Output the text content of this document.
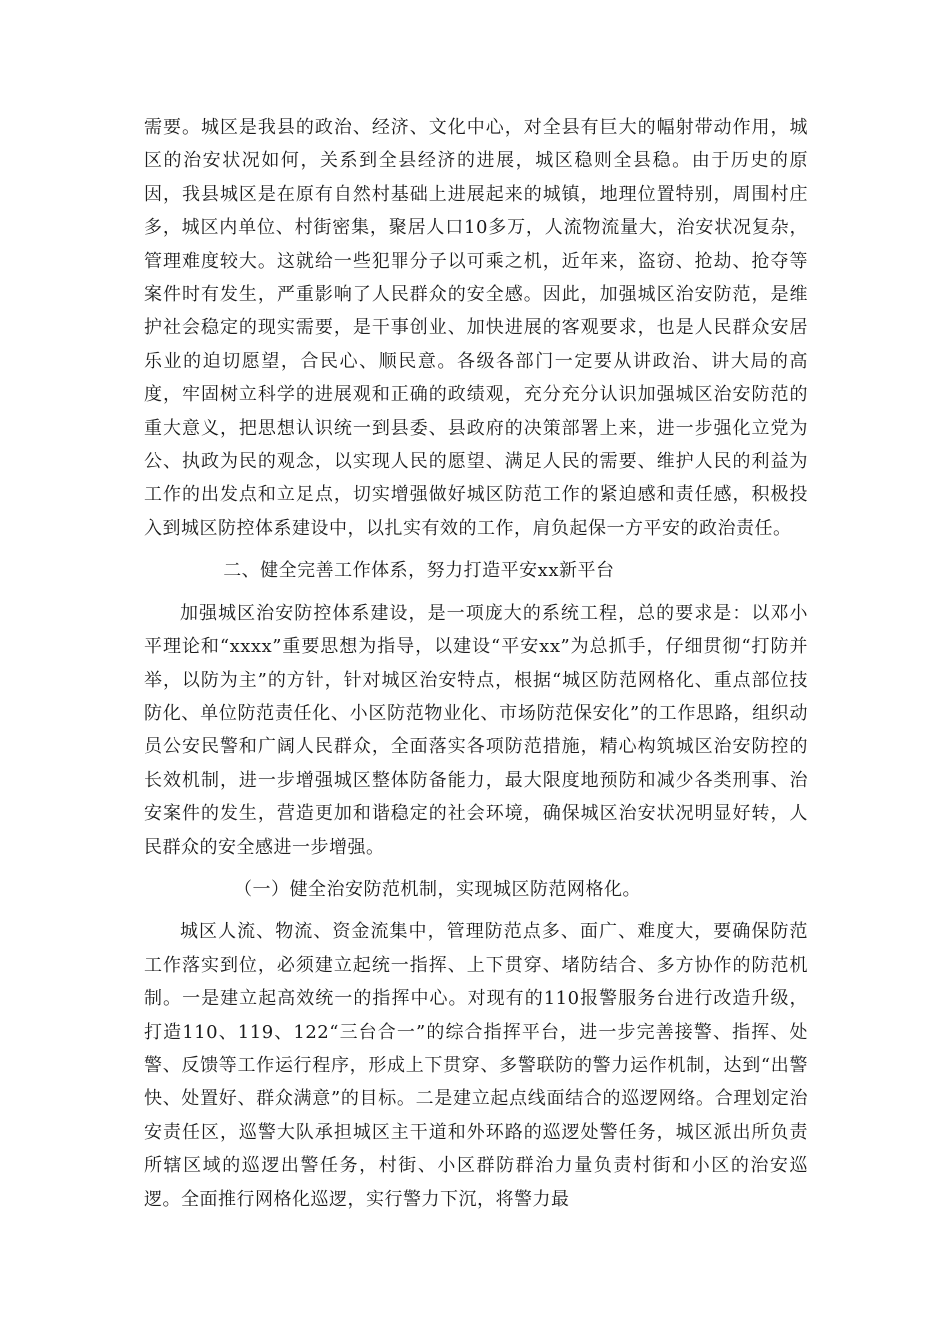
需要。城区是我县的政治、经济、文化中心，对全县有巨大的幅射带动作用，城区的治安状况如何，关系到全县经济的进展，城区稳则全县稳。由于历史的原因，我县城区是在原有自然村基础上进展起来的城镇，地理位置特别，周围村庄多，城区内单位、村街密集，聚居人口10多万，人流物流量大，治安状况复杂，管理难度较大。这就给一些犯罪分子以可乘之机，近年来，盗窃、抢劫、抢夺等案件时有发生，严重影响了人民群众的安全感。因此，加强城区治安防范，是维护社会稳定的现实需要，是干事创业、加快进展的客观要求，也是人民群众安居乐业的迫切愿望，合民心、顺民意。各级各部门一定要从讲政治、讲大局的高度，牢固树立科学的进展观和正确的政绩观，充分充分认识加强城区治安防范的重大意义，把思想认识统一到县委、县政府的决策部署上来，进一步强化立党为公、执政为民的观念，以实现人民的愿望、满足人民的需要、维护人民的利益为工作的出发点和立足点，切实增强做好城区防范工作的紧迫感和责任感，积极投入到城区防控体系建设中，以扎实有效的工作，肩负起保一方平安的政治责任。

二、健全完善工作体系，努力打造平安xx新平台

加强城区治安防控体系建设，是一项庞大的系统工程，总的要求是：以邓小平理论和“xxxx”重要思想为指导，以建设“平安xx”为总抓手，仔细贯彻“打防并举，以防为主”的方针，针对城区治安特点，根据“城区防范网格化、重点部位技防化、单位防范责任化、小区防范物业化、市场防范保安化”的工作思路，组织动员公安民警和广阔人民群众，全面落实各项防范措施，精心构筑城区治安防控的长效机制，进一步增强城区整体防备能力，最大限度地预防和减少各类刑事、治安案件的发生，营造更加和谐稳定的社会环境，确保城区治安状况明显好转，人民群众的安全感进一步增强。

（一）健全治安防范机制，实现城区防范网格化。

城区人流、物流、资金流集中，管理防范点多、面广、难度大，要确保防范工作落实到位，必须建立起统一指挥、上下贯穿、堵防结合、多方协作的防范机制。一是建立起高效统一的指挥中心。对现有的110报警服务台进行改造升级，打造110、119、122“三台合一”的综合指挥平台，进一步完善接警、指挥、处警、反馈等工作运行程序，形成上下贯穿、多警联防的警力运作机制，达到“出警快、处置好、群众满意”的目标。二是建立起点线面结合的巡逻网络。合理划定治安责任区，巡警大队承担城区主干道和外环路的巡逻处警任务，城区派出所负责所辖区域的巡逻出警任务，村街、小区群防群治力量负责村街和小区的治安巡逻。全面推行网格化巡逻，实行警力下沉，将警力最
